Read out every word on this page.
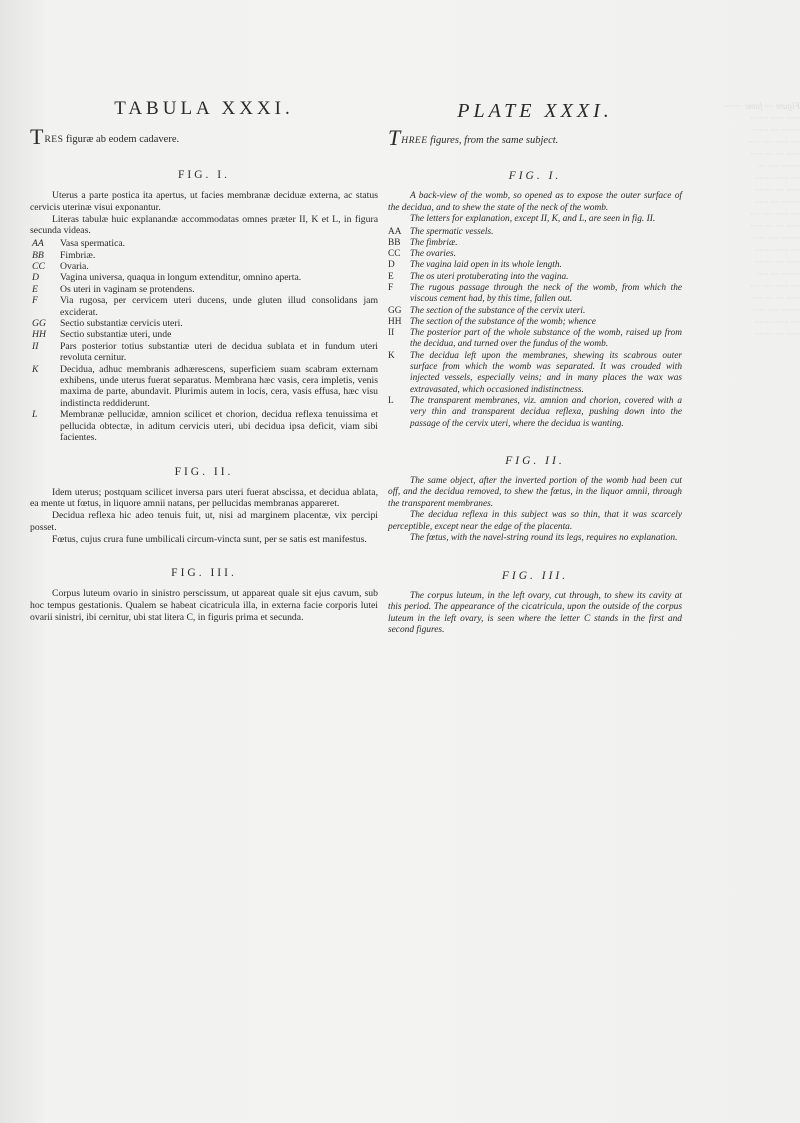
TABULA XXXI.

TRES figuræ ab eodem cadavere.

FIG. I.

Uterus a parte postica ita apertus, ut facies membranæ deciduæ externa, ac status cervicis uterinæ visui exponantur.

Literas tabulæ huic explanandæ accommodatas omnes præter II, K et L, in figura secunda videas.

AA	Vasa spermatica.
BB	Fimbriæ.
CC	Ovaria.
D	Vagina universa, quaqua in longum extenditur, omnino aperta.
E	Os uteri in vaginam se protendens.
F	Via rugosa, per cervicem uteri ducens, unde gluten illud consolidans jam exciderat.
GG	Sectio substantiæ cervicis uteri.
HH	Sectio substantiæ uteri, unde
II	Pars posterior totius substantiæ uteri de decidua sublata et in fundum uteri revoluta cernitur.
K	Decidua, adhuc membranis adhærescens, superficiem suam scabram externam exhibens, unde uterus fuerat separatus. Membrana hæc vasis, cera impletis, venis maxima de parte, abundavit. Plurimis autem in locis, cera, vasis effusa, hæc visu indistincta reddiderunt.
L	Membranæ pellucidæ, amnion scilicet et chorion, decidua reflexa tenuissima et pellucida obtectæ, in aditum cervicis uteri, ubi decidua ipsa deficit, viam sibi facientes.
FIG. II.

Idem uterus; postquam scilicet inversa pars uteri fuerat abscissa, et decidua ablata, ea mente ut fœtus, in liquore amnii natans, per pellucidas membranas appareret.

Decidua reflexa hic adeo tenuis fuit, ut, nisi ad marginem placentæ, vix percipi posset.

Fœtus, cujus crura fune umbilicali circum-vincta sunt, per se satis est manifestus.

FIG. III.

Corpus luteum ovario in sinistro perscissum, ut appareat quale sit ejus cavum, sub hoc tempus gestationis. Qualem se habeat cicatricula illa, in externa facie corporis lutei ovarii sinistri, ibi cernitur, ubi stat litera C, in figuris prima et secunda.

PLATE XXXI.

THREE figures, from the same subject.

FIG. I.

A back-view of the womb, so opened as to expose the outer surface of the decidua, and to shew the state of the neck of the womb.

The letters for explanation, except II, K, and L, are seen in fig. II.

AA The spermatic vessels.
BB	The fimbriæ.
CC	The ovaries.
D	The vagina laid open in its whole length.
E	The os uteri protuberating into the vagina.
F	The rugous passage through the neck of the womb, from which the viscous cement had, by this time, fallen out.
GG The section of the substance of the cervix uteri.
HH The section of the substance of the womb; whence
II	The posterior part of the whole substance of the womb, raised up from the decidua, and turned over the fundus of the womb.
K	The decidua left upon the membranes, shewing its scabrous outer surface from which the womb was separated. It was crouded with injected vessels, especially veins; and in many places the wax was extravasated, which occasioned indistinctness.
L	The transparent membranes, viz. amnion and chorion, covered with a very thin and transparent decidua reflexa, pushing down into the passage of the cervix uteri, where the decidua is wanting.
FIG. II.

The same object, after the inverted portion of the womb had been cut off, and the decidua removed, to shew the fœtus, in the liquor amnii, through the transparent membranes.

The decidua reflexa in this subject was so thin, that it was scarcely perceptible, except near the edge of the placenta.

The fœtus, with the navel-string round its legs, requires no explanation.

FIG. III.

The corpus luteum, in the left ovary, cut through, to shew its cavity at this period. The appearance of the cicatricula, upon the outside of the corpus luteum in the left ovary, is seen where the letter C stands in the first and second figures.

Figure ···· fame ········
······ ······ ········
········ ···· ·······
···· ······ ····· ·····
······ ···· ··· ······
········ ····· ····
···· ······· ·······
······ ···· ········
········ ···· ······
···· ······ ····· ····
······ ···· ··· ······
········ ····· ······
···· ······· ·······
······ ···· ········
········ ···· ·····
···· ······ ····· ····
······ ···· ··· ·····
········ ····· ······
···· ······· ·······
······ ···· ········
